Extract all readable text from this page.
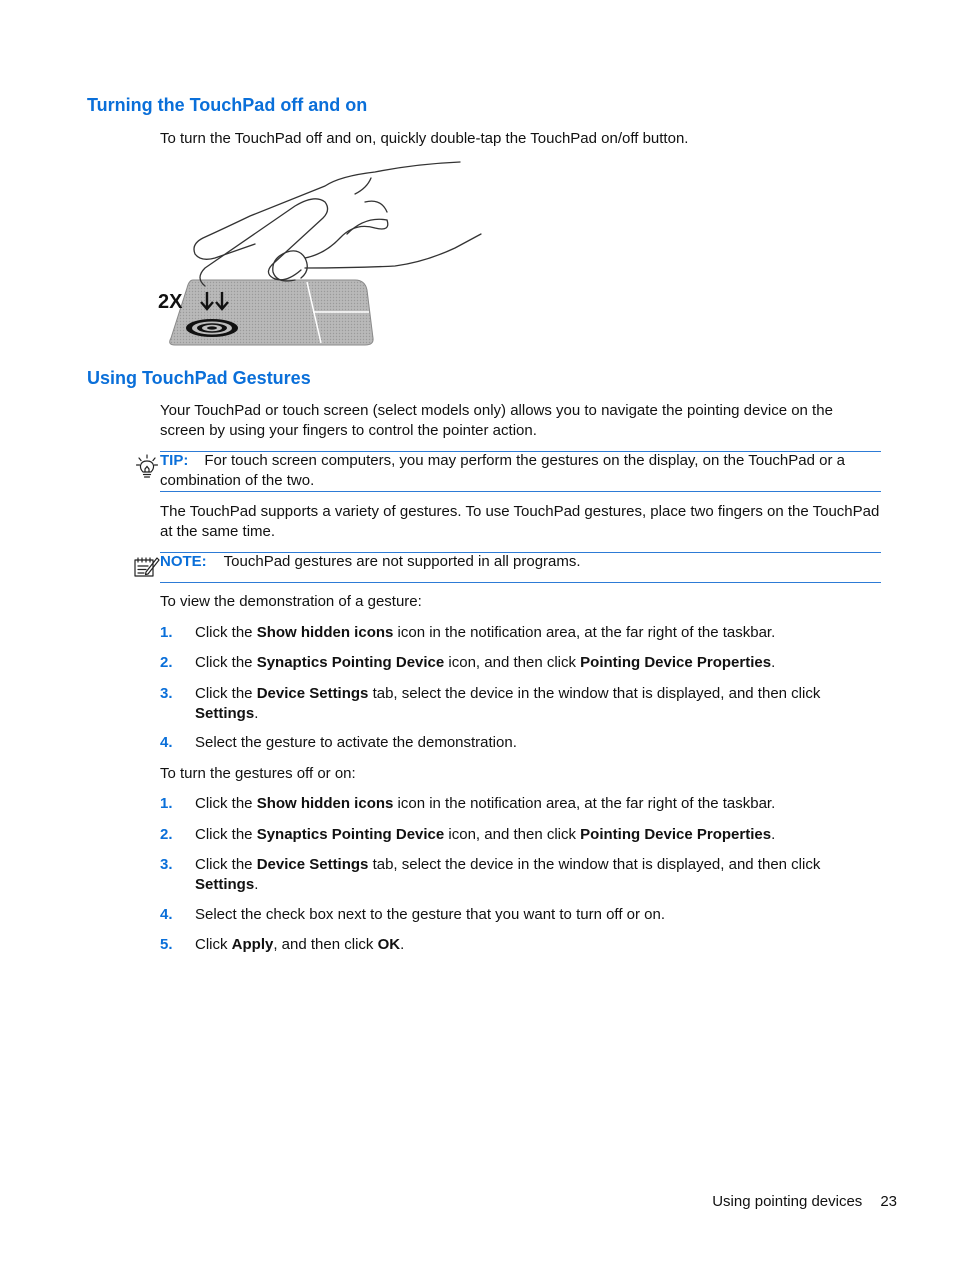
Turning the TouchPad off and on

To turn the TouchPad off and on, quickly double-tap the TouchPad on/off button.

2X
Using TouchPad Gestures

Your TouchPad or touch screen (select models only) allows you to navigate the pointing device on the screen by using your fingers to control the pointer action.

TIP: For touch screen computers, you may perform the gestures on the display, on the TouchPad or a combination of the two.

The TouchPad supports a variety of gestures. To use TouchPad gestures, place two fingers on the TouchPad at the same time.

NOTE: TouchPad gestures are not supported in all programs.

To view the demonstration of a gesture:

1. Click the Show hidden icons icon in the notification area, at the far right of the taskbar.
2. Click the Synaptics Pointing Device icon, and then click Pointing Device Properties.
3. Click the Device Settings tab, select the device in the window that is displayed, and then click Settings.
4. Select the gesture to activate the demonstration.

To turn the gestures off or on:

1. Click the Show hidden icons icon in the notification area, at the far right of the taskbar.
2. Click the Synaptics Pointing Device icon, and then click Pointing Device Properties.
3. Click the Device Settings tab, select the device in the window that is displayed, and then click Settings.
4. Select the check box next to the gesture that you want to turn off or on.
5. Click Apply, and then click OK.
Using pointing devices 23
